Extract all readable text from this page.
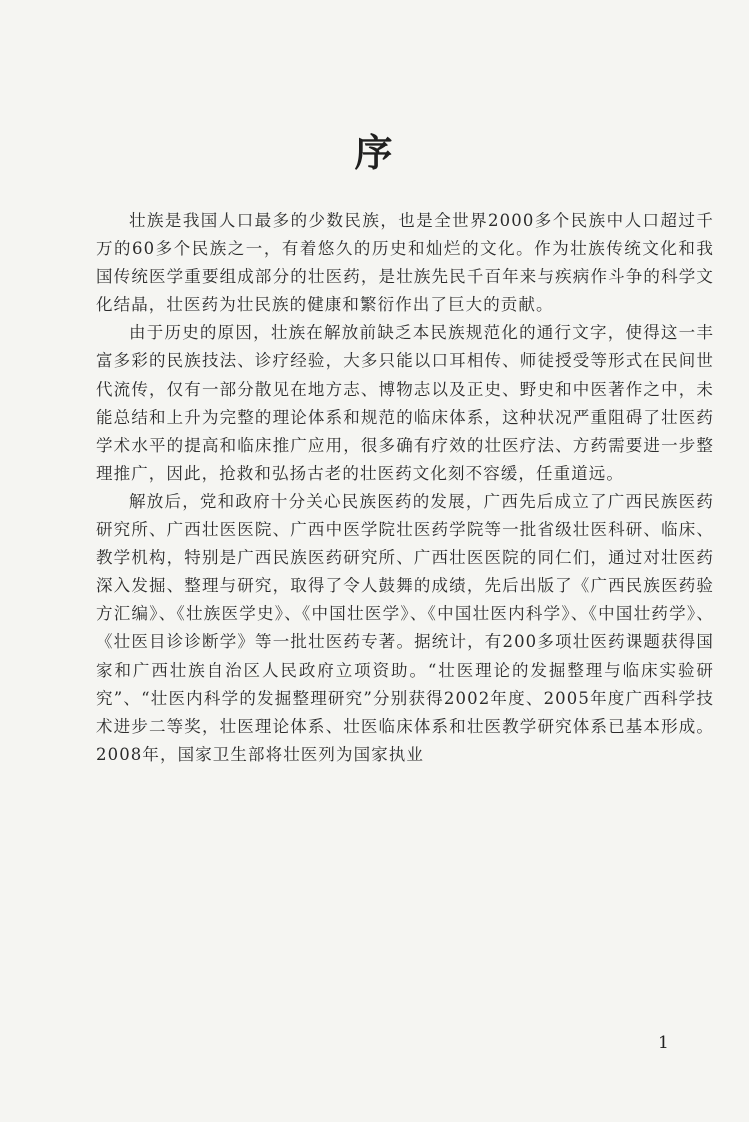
序

壮族是我国人口最多的少数民族，也是全世界2000多个民族中人口超过千万的60多个民族之一，有着悠久的历史和灿烂的文化。作为壮族传统文化和我国传统医学重要组成部分的壮医药，是壮族先民千百年来与疾病作斗争的科学文化结晶，壮医药为壮民族的健康和繁衍作出了巨大的贡献。

由于历史的原因，壮族在解放前缺乏本民族规范化的通行文字，使得这一丰富多彩的民族技法、诊疗经验，大多只能以口耳相传、师徒授受等形式在民间世代流传，仅有一部分散见在地方志、博物志以及正史、野史和中医著作之中，未能总结和上升为完整的理论体系和规范的临床体系，这种状况严重阻碍了壮医药学术水平的提高和临床推广应用，很多确有疗效的壮医疗法、方药需要进一步整理推广，因此，抢救和弘扬古老的壮医药文化刻不容缓，任重道远。

解放后，党和政府十分关心民族医药的发展，广西先后成立了广西民族医药研究所、广西壮医医院、广西中医学院壮医药学院等一批省级壮医科研、临床、教学机构，特别是广西民族医药研究所、广西壮医医院的同仁们，通过对壮医药深入发掘、整理与研究，取得了令人鼓舞的成绩，先后出版了《广西民族医药验方汇编》、《壮族医学史》、《中国壮医学》、《中国壮医内科学》、《中国壮药学》、《壮医目诊诊断学》等一批壮医药专著。据统计，有200多项壮医药课题获得国家和广西壮族自治区人民政府立项资助。“壮医理论的发掘整理与临床实验研究”、“壮医内科学的发掘整理研究”分别获得2002年度、2005年度广西科学技术进步二等奖，壮医理论体系、壮医临床体系和壮医教学研究体系已基本形成。2008年，国家卫生部将壮医列为国家执业

1
